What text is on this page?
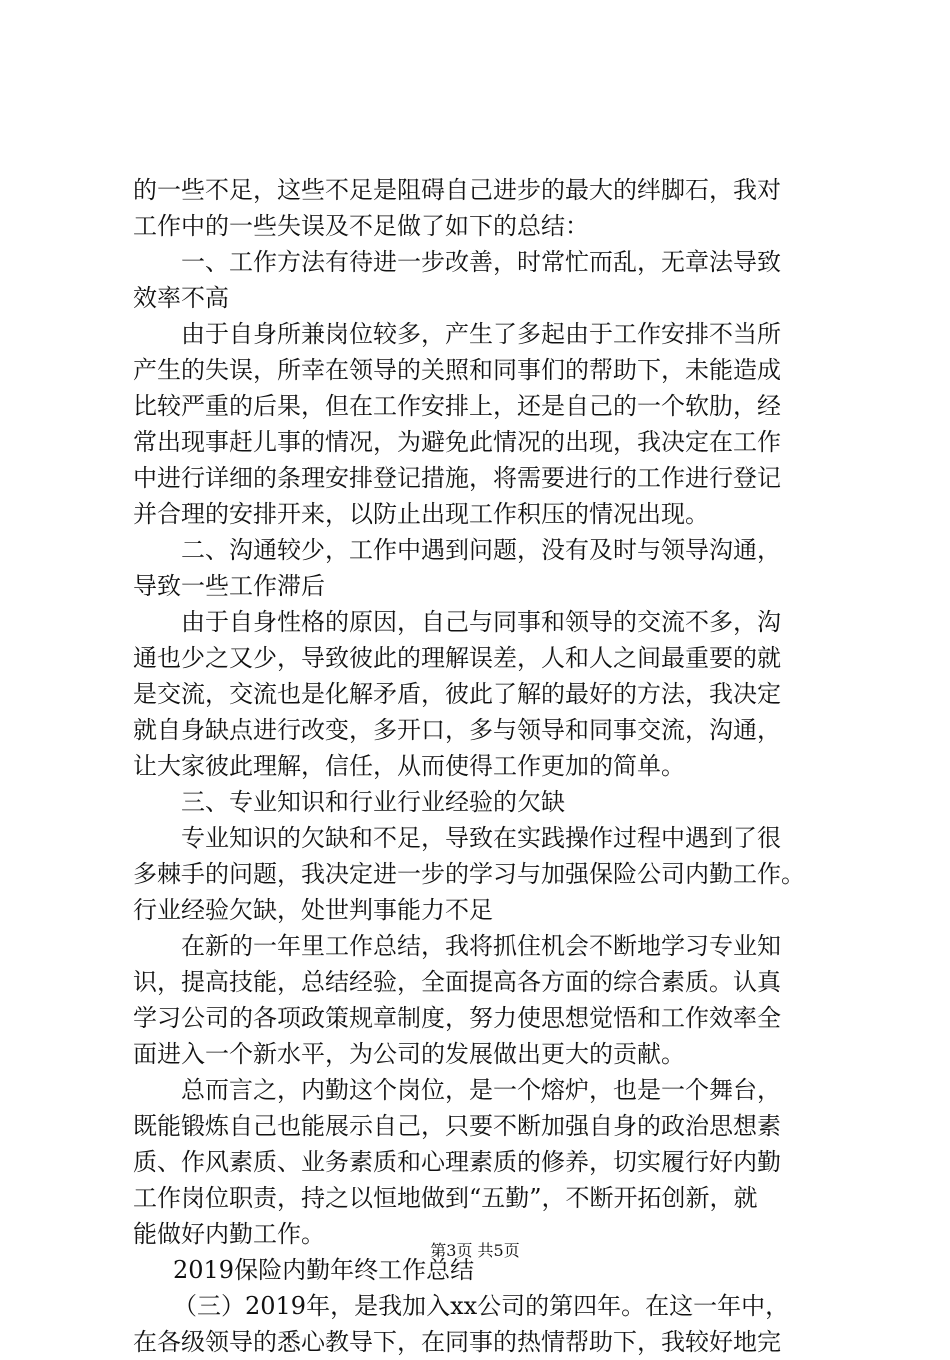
的一些不足，这些不足是阻碍自己进步的最大的绊脚石，我对
工作中的一些失误及不足做了如下的总结：
一、工作方法有待进一步改善，时常忙而乱，无章法导致
效率不高
由于自身所兼岗位较多，产生了多起由于工作安排不当所
产生的失误，所幸在领导的关照和同事们的帮助下，未能造成
比较严重的后果，但在工作安排上，还是自己的一个软肋，经
常出现事赶儿事的情况，为避免此情况的出现，我决定在工作
中进行详细的条理安排登记措施，将需要进行的工作进行登记
并合理的安排开来，以防止出现工作积压的情况出现。
二、沟通较少，工作中遇到问题，没有及时与领导沟通，
导致一些工作滞后
由于自身性格的原因，自己与同事和领导的交流不多，沟
通也少之又少，导致彼此的理解误差，人和人之间最重要的就
是交流，交流也是化解矛盾，彼此了解的最好的方法，我决定
就自身缺点进行改变，多开口，多与领导和同事交流，沟通，
让大家彼此理解，信任，从而使得工作更加的简单。
三、专业知识和行业行业经验的欠缺
专业知识的欠缺和不足，导致在实践操作过程中遇到了很
多棘手的问题，我决定进一步的学习与加强保险公司内勤工作。
行业经验欠缺，处世判事能力不足
在新的一年里工作总结，我将抓住机会不断地学习专业知
识，提高技能，总结经验，全面提高各方面的综合素质。认真
学习公司的各项政策规章制度，努力使思想觉悟和工作效率全
面进入一个新水平，为公司的发展做出更大的贡献。
总而言之，内勤这个岗位，是一个熔炉，也是一个舞台，
既能锻炼自己也能展示自己，只要不断加强自身的政治思想素
质、作风素质、业务素质和心理素质的修养，切实履行好内勤
工作岗位职责，持之以恒地做到“五勤”，不断开拓创新，就
能做好内勤工作。
2019保险内勤年终工作总结
（三）2019年，是我加入xx公司的第四年。在这一年中，
在各级领导的悉心教导下，在同事的热情帮助下，我较好地完
第3页 共5页
